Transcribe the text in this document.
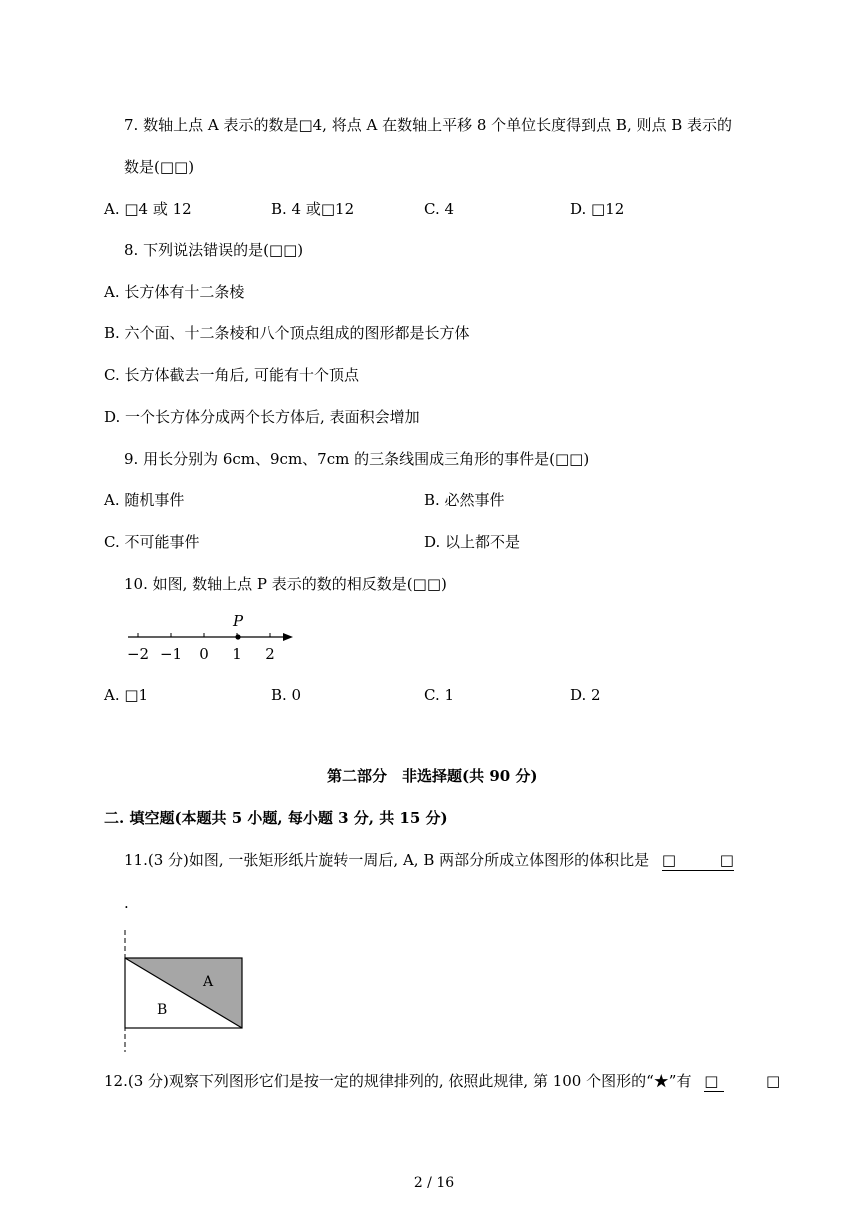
7. 数轴上点 A 表示的数是□4, 将点 A 在数轴上平移 8 个单位长度得到点 B, 则点 B 表示的
数是(□□)
A. □4 或 12	B. 4 或□12	C. 4	D. □12
8. 下列说法错误的是(□□)
A. 长方体有十二条棱
B. 六个面、十二条棱和八个顶点组成的图形都是长方体
C. 长方体截去一角后, 可能有十个顶点
D. 一个长方体分成两个长方体后, 表面积会增加
9. 用长分别为 6cm、9cm、7cm 的三条线围成三角形的事件是(□□)
A. 随机事件	B. 必然事件
C. 不可能事件	D. 以上都不是
10. 如图, 数轴上点 P 表示的数的相反数是(□□)
−2 −1 0 1 2
P
A. □1	B. 0	C. 1	D. 2
第二部分　非选择题(共 90 分)
二. 填空题(本题共 5 小题, 每小题 3 分, 共 15 分)
11.(3 分)如图, 一张矩形纸片旋转一周后, A, B 两部分所成立体图形的体积比是 □	□

.
A
B
12.(3 分)观察下列图形它们是按一定的规律排列的, 依照此规律, 第 100 个图形的“★”有 □	□
2 / 16
